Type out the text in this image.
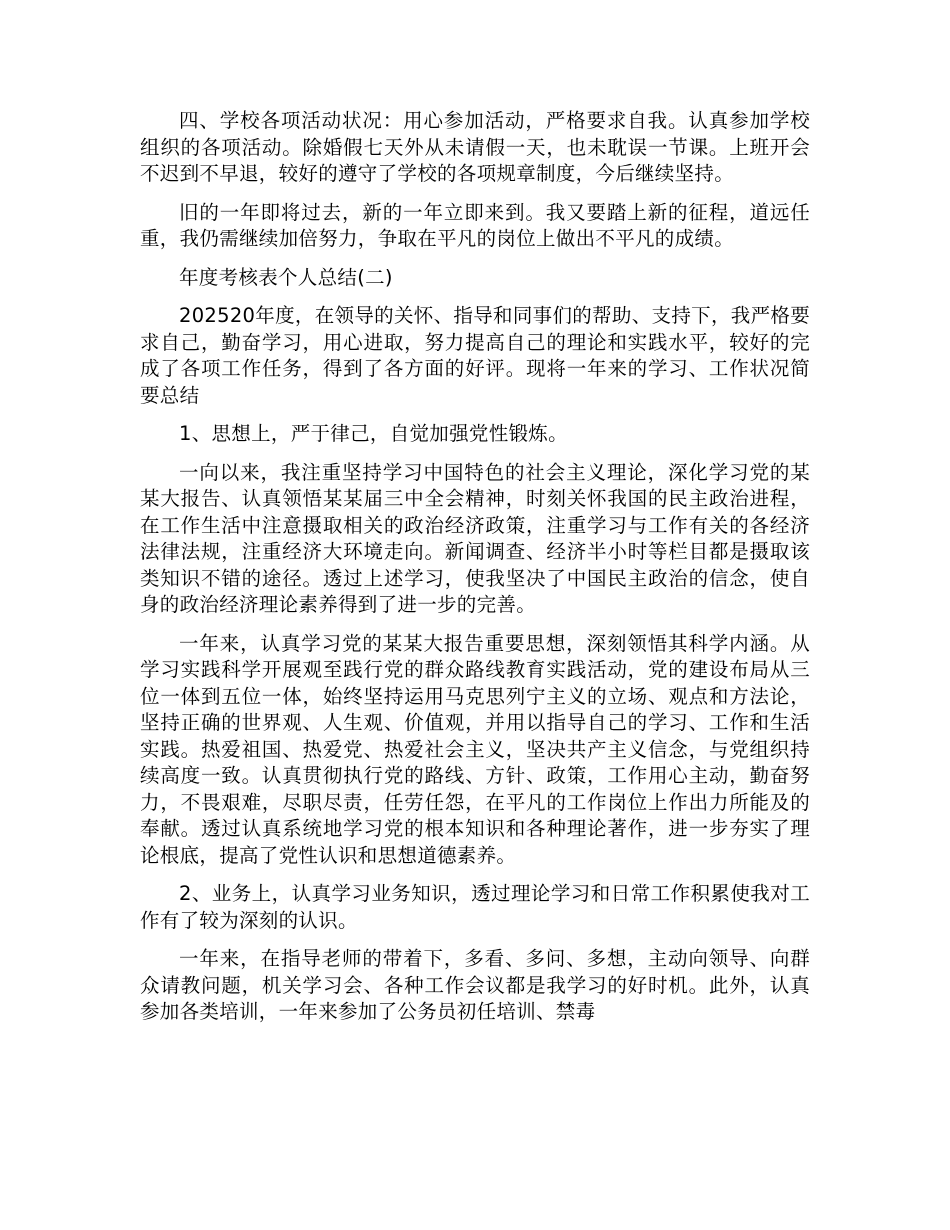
四、学校各项活动状况：用心参加活动，严格要求自我。认真参加学校组织的各项活动。除婚假七天外从未请假一天，也未耽误一节课。上班开会不迟到不早退，较好的遵守了学校的各项规章制度，今后继续坚持。

旧的一年即将过去，新的一年立即来到。我又要踏上新的征程，道远任重，我仍需继续加倍努力，争取在平凡的岗位上做出不平凡的成绩。

年度考核表个人总结(二)

202520年度，在领导的关怀、指导和同事们的帮助、支持下，我严格要求自己，勤奋学习，用心进取，努力提高自己的理论和实践水平，较好的完成了各项工作任务，得到了各方面的好评。现将一年来的学习、工作状况简要总结

1、思想上，严于律己，自觉加强党性锻炼。

一向以来，我注重坚持学习中国特色的社会主义理论，深化学习党的某某大报告、认真领悟某某届三中全会精神，时刻关怀我国的民主政治进程，在工作生活中注意摄取相关的政治经济政策，注重学习与工作有关的各经济法律法规，注重经济大环境走向。新闻调查、经济半小时等栏目都是摄取该类知识不错的途径。透过上述学习，使我坚决了中国民主政治的信念，使自身的政治经济理论素养得到了进一步的完善。

一年来，认真学习党的某某大报告重要思想，深刻领悟其科学内涵。从学习实践科学开展观至践行党的群众路线教育实践活动，党的建设布局从三位一体到五位一体，始终坚持运用马克思列宁主义的立场、观点和方法论，坚持正确的世界观、人生观、价值观，并用以指导自己的学习、工作和生活实践。热爱祖国、热爱党、热爱社会主义，坚决共产主义信念，与党组织持续高度一致。认真贯彻执行党的路线、方针、政策，工作用心主动，勤奋努力，不畏艰难，尽职尽责，任劳任怨，在平凡的工作岗位上作出力所能及的奉献。透过认真系统地学习党的根本知识和各种理论著作，进一步夯实了理论根底，提高了党性认识和思想道德素养。

2、业务上，认真学习业务知识，透过理论学习和日常工作积累使我对工作有了较为深刻的认识。

一年来，在指导老师的带着下，多看、多问、多想，主动向领导、向群众请教问题，机关学习会、各种工作会议都是我学习的好时机。此外，认真参加各类培训，一年来参加了公务员初任培训、禁毒
